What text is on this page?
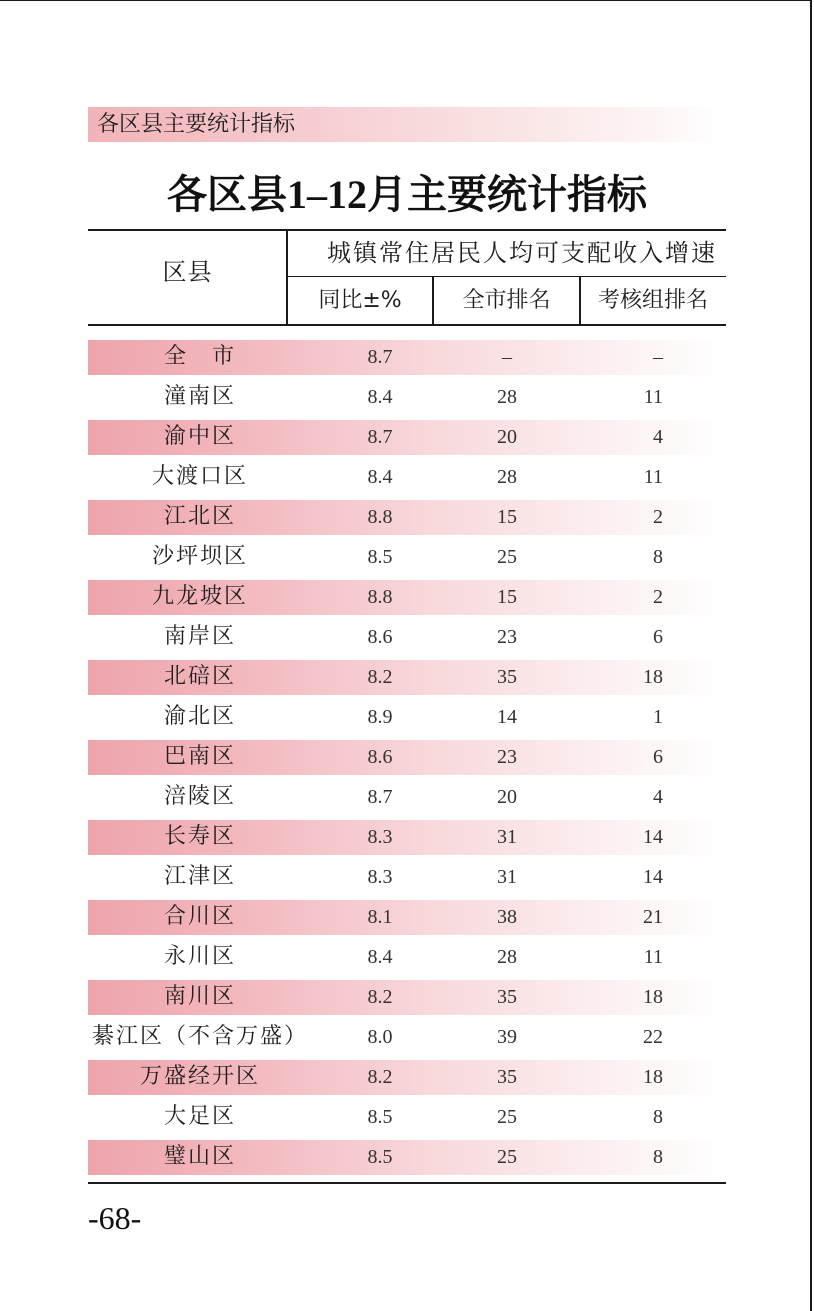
各区县主要统计指标
各区县1–12月主要统计指标
区县
城镇常住居民人均可支配收入增速
同比±%	全市排名	考核组排名
全　市	8.7	–	–
潼南区	8.4	28	11
渝中区	8.7	20	4
大渡口区	8.4	28	11
江北区	8.8	15	2
沙坪坝区	8.5	25	8
九龙坡区	8.8	15	2
南岸区	8.6	23	6
北碚区	8.2	35	18
渝北区	8.9	14	1
巴南区	8.6	23	6
涪陵区	8.7	20	4
长寿区	8.3	31	14
江津区	8.3	31	14
合川区	8.1	38	21
永川区	8.4	28	11
南川区	8.2	35	18
綦江区（不含万盛）	8.0	39	22
万盛经开区	8.2	35	18
大足区	8.5	25	8
璧山区	8.5	25	8
-68-
